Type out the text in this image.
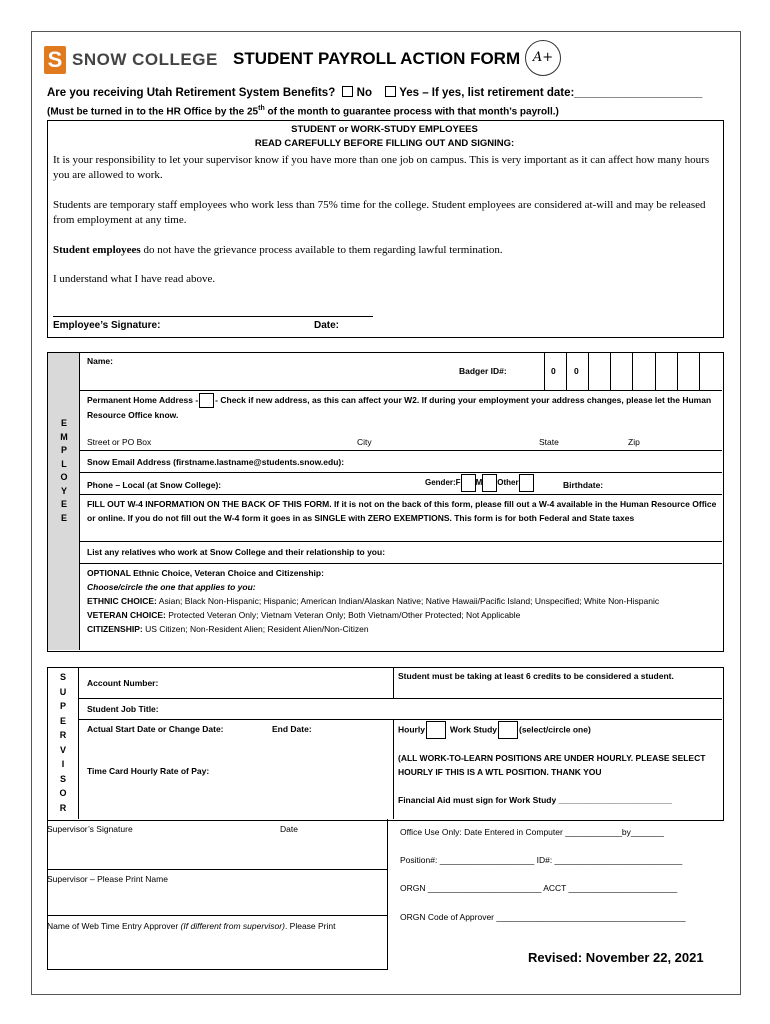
S SNOW COLLEGE STUDENT PAYROLL ACTION FORM A+
Are you receiving Utah Retirement System Benefits? No Yes – If yes, list retirement date:____________________
(Must be turned in to the HR Office by the 25th of the month to guarantee process with that month’s payroll.)
STUDENT or WORK-STUDY EMPLOYEES
READ CAREFULLY BEFORE FILLING OUT AND SIGNING:
It is your responsibility to let your supervisor know if you have more than one job on campus. This is very important as it can affect how many hours you are allowed to work.
Students are temporary staff employees who work less than 75% time for the college. Student employees are considered at-will and may be released from employment at any time.
Student employees do not have the grievance process available to them regarding lawful termination.
I understand what I have read above.
Employee’s Signature:	Date:
E
M
P
L
O
Y
E
E
Name:
Badger ID#:	0 0
Permanent Home Address - - Check if new address, as this can affect your W2. If during your employment your address changes, please let the Human Resource Office know.
Street or PO Box	City	State	Zip
Snow Email Address (firstname.lastname@students.snow.edu):
Phone – Local (at Snow College):	Gender:F M Other	Birthdate:
FILL OUT W-4 INFORMATION ON THE BACK OF THIS FORM. If it is not on the back of this form, please fill out a W-4 available in the Human Resource Office or online. If you do not fill out the W-4 form it goes in as SINGLE with ZERO EXEMPTIONS. This form is for both Federal and State taxes
List any relatives who work at Snow College and their relationship to you:
OPTIONAL Ethnic Choice, Veteran Choice and Citizenship:
Choose/circle the one that applies to you:
ETHNIC CHOICE: Asian; Black Non-Hispanic; Hispanic; American Indian/Alaskan Native; Native Hawaii/Pacific Island; Unspecified; White Non-Hispanic
VETERAN CHOICE: Protected Veteran Only; Vietnam Veteran Only; Both Vietnam/Other Protected; Not Applicable
CITIZENSHIP: US Citizen; Non-Resident Alien; Resident Alien/Non-Citizen
S
U
P
E
R
V
I
S
O
R
Account Number:
Student must be taking at least 6 credits to be considered a student.
Student Job Title:
Actual Start Date or Change Date:	End Date:	Hourly	Work Study	(select/circle one)
(ALL WORK-TO-LEARN POSITIONS ARE UNDER HOURLY. PLEASE SELECT HOURLY IF THIS IS A WTL POSITION. THANK YOU
Time Card Hourly Rate of Pay:
Financial Aid must sign for Work Study ________________________
Supervisor’s Signature	Date
Supervisor – Please Print Name
Name of Web Time Entry Approver (If different from supervisor). Please Print
Office Use Only: Date Entered in Computer ____________by_______
Position#: ____________________ ID#: ___________________________
ORGN ________________________ ACCT _______________________
ORGN Code of Approver ________________________________________
Revised: November 22, 2021
